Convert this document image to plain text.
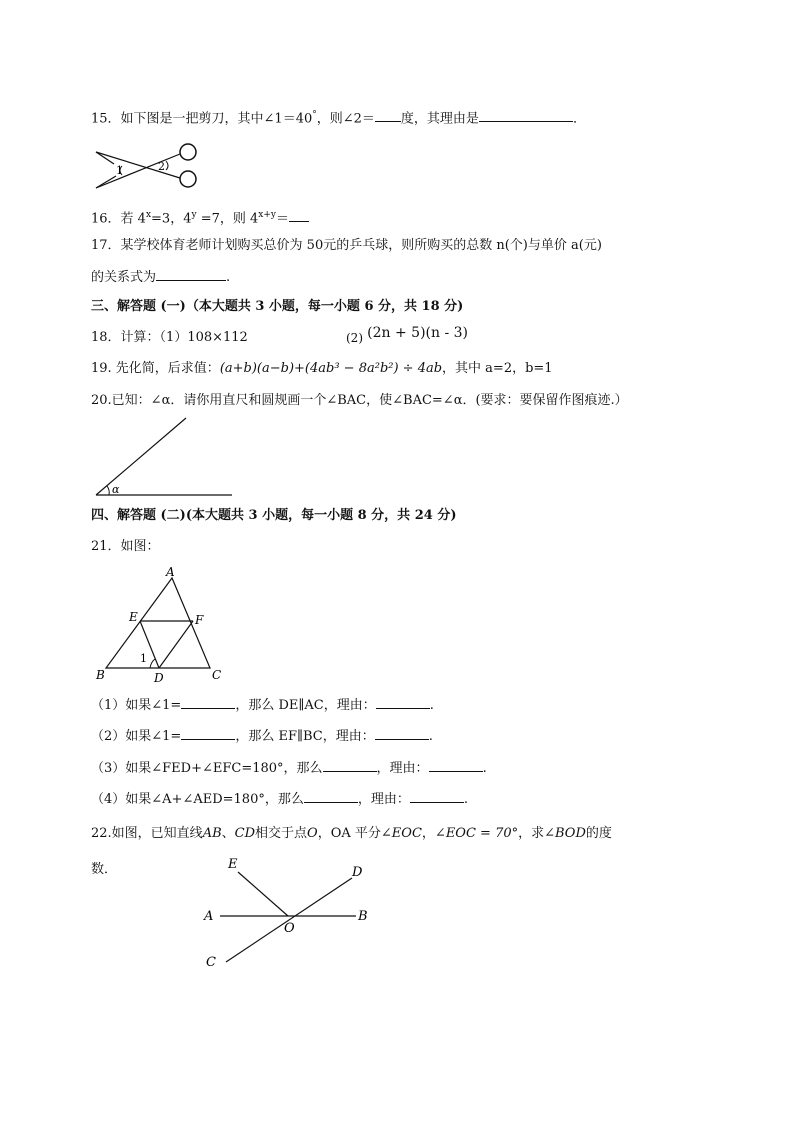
15．如下图是一把剪刀，其中∠1＝40°，则∠2＝ 度，其理由是	．
1	2
16．若 $4^x=3$，$4^y =7$，则 $4^{x+y}=$
17．某学校体育老师计划购买总价为 50元的乒乓球，则所购买的总数 n(个)与单价 a(元)
的关系式为	.
三、解答题 (一)（本大题共 3 小题，每一小题 6 分，共 18 分)
18．计算：（1）108×112	(2) (2n + 5)(n - 3)
19. 先化简，后求值：(a+b)(a−b)+(4ab³ − 8a²b²) ÷ 4ab，其中 a=2，b=1
20.已知：∠α．请你用直尺和圆规画一个∠BAC，使∠BAC=∠α．(要求：要保留作图痕迹.）
α
四、解答题 (二)(本大题共 3 小题，每一小题 8 分，共 24 分)
21．如图：
A
E	F
B	D	C
1
（1）如果∠1=	，那么 DE∥AC，理由：	.
（2）如果∠1=	，那么 EF∥BC，理由：	.
（3）如果∠FED+∠EFC=180°，那么	，理由：	.
（4）如果∠A+∠AED=180°，那么	，理由：	.
22.如图，已知直线AB、CD相交于点O，OA 平分∠EOC，∠EOC = 70°，求∠BOD的度
数．	E
D
A
O
B
C
